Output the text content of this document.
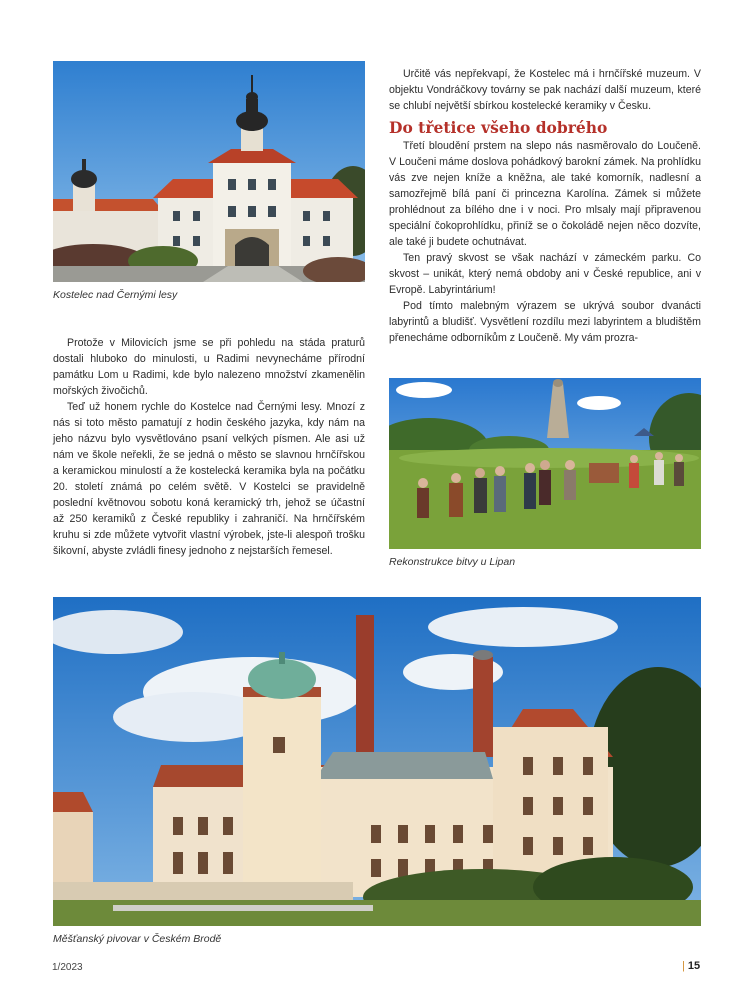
Kostelec nad Černými lesy

Protože v Milovicích jsme se při pohledu na stáda praturů dostali hluboko do minulosti, u Radimi nevynecháme přírodní památku Lom u Radimi, kde bylo nalezeno množství zkamenělin mořských živočichů.

Teď už honem rychle do Kostelce nad Černými lesy. Mnozí z nás si toto město pamatují z hodin českého jazyka, kdy nám na jeho názvu bylo vysvětlováno psaní velkých písmen. Ale asi už nám ve škole neřekli, že se jedná o město se slavnou hrnčířskou a keramickou minulostí a že kostelecká keramika byla na počátku 20. století známá po celém světě. V Kostelci se pravidelně poslední květnovou sobotu koná keramický trh, jehož se účastní až 250 keramiků z České republiky i zahraničí. Na hrnčířském kruhu si zde můžete vytvořit vlastní výrobek, jste-li alespoň trošku šikovní, abyste zvládli finesy jednoho z nejstarších řemesel.

Určitě vás nepřekvapí, že Kostelec má i hrnčířské muzeum. V objektu Vondráčkovy továrny se pak nachází další muzeum, které se chlubí největší sbírkou kostelecké keramiky v Česku.

Do třetice všeho dobrého

Třetí bloudění prstem na slepo nás nasměrovalo do Loučeně. V Loučeni máme doslova pohádkový barokní zámek. Na prohlídku vás zve nejen kníže a kněžna, ale také komorník, nadlesní a samozřejmě bílá paní či princezna Karolína. Zámek si můžete prohlédnout za bílého dne i v noci. Pro mlsaly mají připravenou speciální čokoprohlídku, přiníž se o čokoládě nejen něco dozvíte, ale také ji budete ochutnávat.

Ten pravý skvost se však nachází v zámeckém parku. Co skvost – unikát, který nemá obdoby ani v České republice, ani v Evropě. Labyrintárium!

Pod tímto malebným výrazem se ukrývá soubor dvanácti labyrintů a bludišť. Vysvětlení rozdílu mezi labyrintem a bludištěm přenecháme odborníkům z Loučeně. My vám prozra-

Rekonstrukce bitvy u Lipan
Měšťanský pivovar v Českém Brodě
1/2023	| 15
